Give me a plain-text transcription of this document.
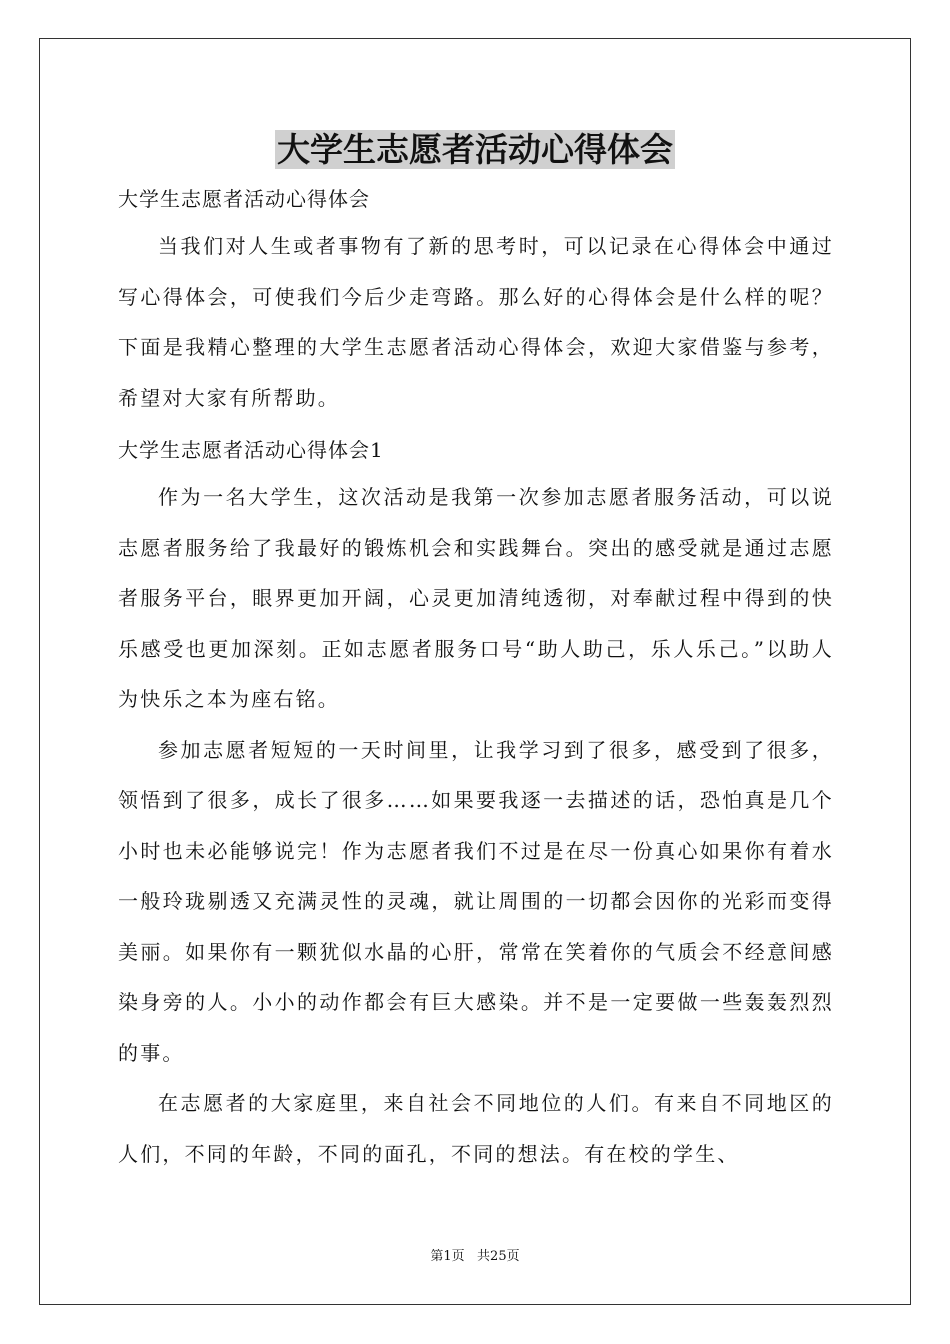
大学生志愿者活动心得体会
大学生志愿者活动心得体会

当我们对人生或者事物有了新的思考时，可以记录在心得体会中通过写心得体会，可使我们今后少走弯路。那么好的心得体会是什么样的呢？下面是我精心整理的大学生志愿者活动心得体会，欢迎大家借鉴与参考，希望对大家有所帮助。

大学生志愿者活动心得体会1

作为一名大学生，这次活动是我第一次参加志愿者服务活动，可以说志愿者服务给了我最好的锻炼机会和实践舞台。突出的感受就是通过志愿者服务平台，眼界更加开阔，心灵更加清纯透彻，对奉献过程中得到的快乐感受也更加深刻。正如志愿者服务口号“助人助己，乐人乐己。”以助人为快乐之本为座右铭。

参加志愿者短短的一天时间里，让我学习到了很多，感受到了很多，领悟到了很多，成长了很多……如果要我逐一去描述的话，恐怕真是几个小时也未必能够说完！作为志愿者我们不过是在尽一份真心如果你有着水一般玲珑剔透又充满灵性的灵魂，就让周围的一切都会因你的光彩而变得美丽。如果你有一颗犹似水晶的心肝，常常在笑着你的气质会不经意间感染身旁的人。小小的动作都会有巨大感染。并不是一定要做一些轰轰烈烈的事。

在志愿者的大家庭里，来自社会不同地位的人们。有来自不同地区的人们，不同的年龄，不同的面孔，不同的想法。有在校的学生、

第1页   共25页
